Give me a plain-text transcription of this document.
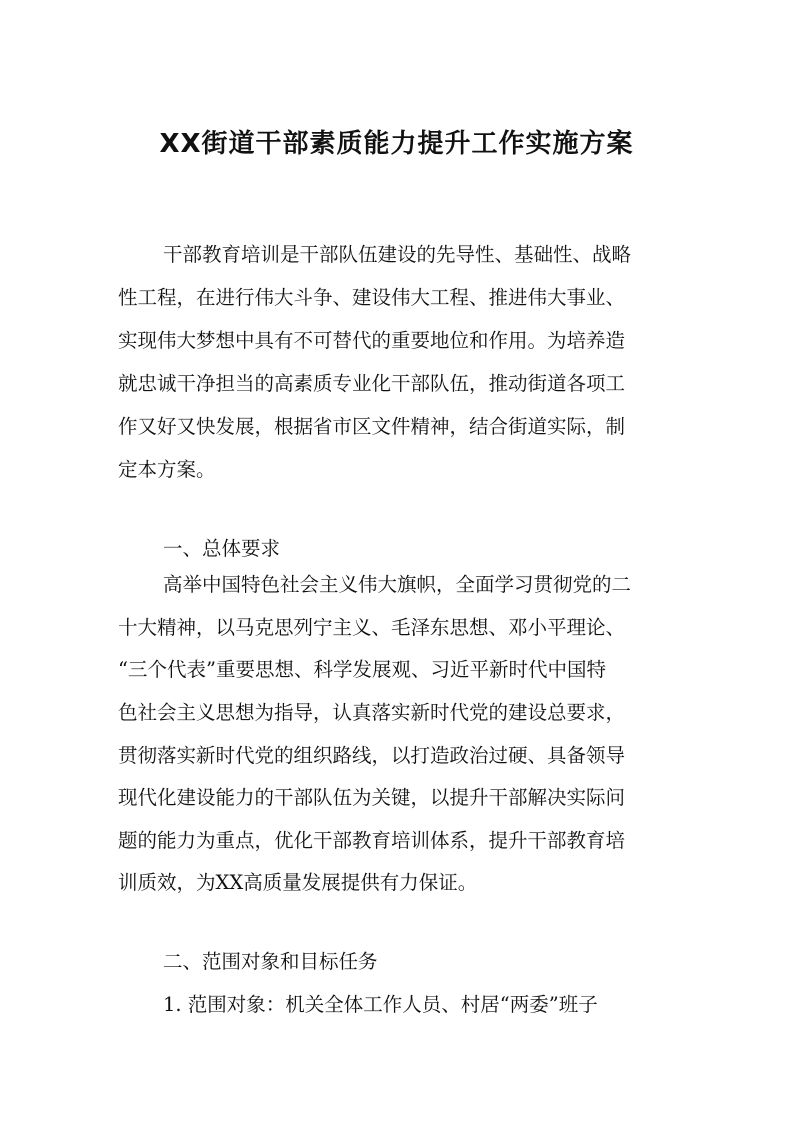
XX街道干部素质能力提升工作实施方案
干部教育培训是干部队伍建设的先导性、基础性、战略
性工程，在进行伟大斗争、建设伟大工程、推进伟大事业、
实现伟大梦想中具有不可替代的重要地位和作用。为培养造
就忠诚干净担当的高素质专业化干部队伍，推动街道各项工
作又好又快发展，根据省市区文件精神，结合街道实际，制
定本方案。
一、总体要求
高举中国特色社会主义伟大旗帜，全面学习贯彻党的二
十大精神，以马克思列宁主义、毛泽东思想、邓小平理论、
“三个代表”重要思想、科学发展观、习近平新时代中国特
色社会主义思想为指导，认真落实新时代党的建设总要求，
贯彻落实新时代党的组织路线，以打造政治过硬、具备领导
现代化建设能力的干部队伍为关键，以提升干部解决实际问
题的能力为重点，优化干部教育培训体系，提升干部教育培
训质效，为XX高质量发展提供有力保证。
二、范围对象和目标任务
1. 范围对象：机关全体工作人员、村居“两委”班子
